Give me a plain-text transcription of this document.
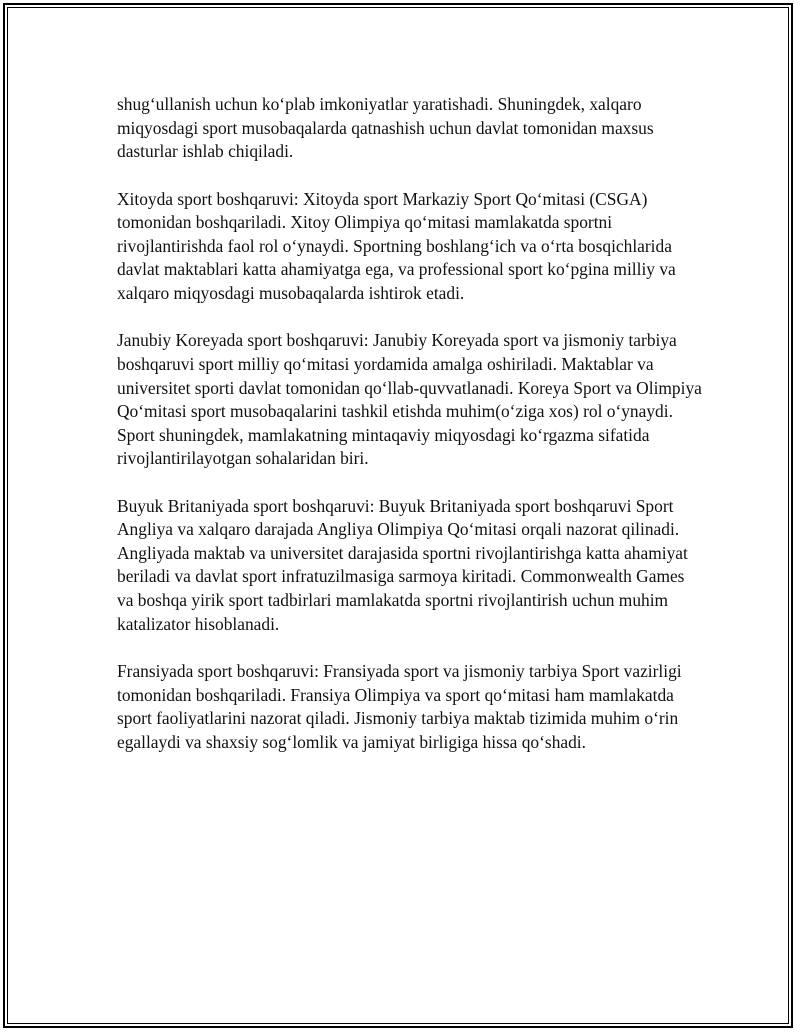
shug‘ullanish uchun ko‘plab imkoniyatlar yaratishadi. Shuningdek, xalqaro miqyosdagi sport musobaqalarda qatnashish uchun davlat tomonidan maxsus dasturlar ishlab chiqiladi.

Xitoyda sport boshqaruvi: Xitoyda sport Markaziy Sport Qo‘mitasi (CSGA) tomonidan boshqariladi. Xitoy Olimpiya qo‘mitasi mamlakatda sportni rivojlantirishda faol rol o‘ynaydi. Sportning boshlang‘ich va o‘rta bosqichlarida davlat maktablari katta ahamiyatga ega, va professional sport ko‘pgina milliy va xalqaro miqyosdagi musobaqalarda ishtirok etadi.

Janubiy Koreyada sport boshqaruvi: Janubiy Koreyada sport va jismoniy tarbiya boshqaruvi sport milliy qo‘mitasi yordamida amalga oshiriladi. Maktablar va universitet sporti davlat tomonidan qo‘llab-quvvatlanadi. Koreya Sport va Olimpiya Qo‘mitasi sport musobaqalarini tashkil etishda muhim(o‘ziga xos) rol o‘ynaydi. Sport shuningdek, mamlakatning mintaqaviy miqyosdagi ko‘rgazma sifatida rivojlantirilayotgan sohalaridan biri.

Buyuk Britaniyada sport boshqaruvi: Buyuk Britaniyada sport boshqaruvi Sport Angliya va xalqaro darajada Angliya Olimpiya Qo‘mitasi orqali nazorat qilinadi. Angliyada maktab va universitet darajasida sportni rivojlantirishga katta ahamiyat beriladi va davlat sport infratuzilmasiga sarmoya kiritadi. Commonwealth Games va boshqa yirik sport tadbirlari mamlakatda sportni rivojlantirish uchun muhim katalizator hisoblanadi.

Fransiyada sport boshqaruvi: Fransiyada sport va jismoniy tarbiya Sport vazirligi tomonidan boshqariladi. Fransiya Olimpiya va sport qo‘mitasi ham mamlakatda sport faoliyatlarini nazorat qiladi. Jismoniy tarbiya maktab tizimida muhim o‘rin egallaydi va shaxsiy sog‘lomlik va jamiyat birligiga hissa qo‘shadi.
